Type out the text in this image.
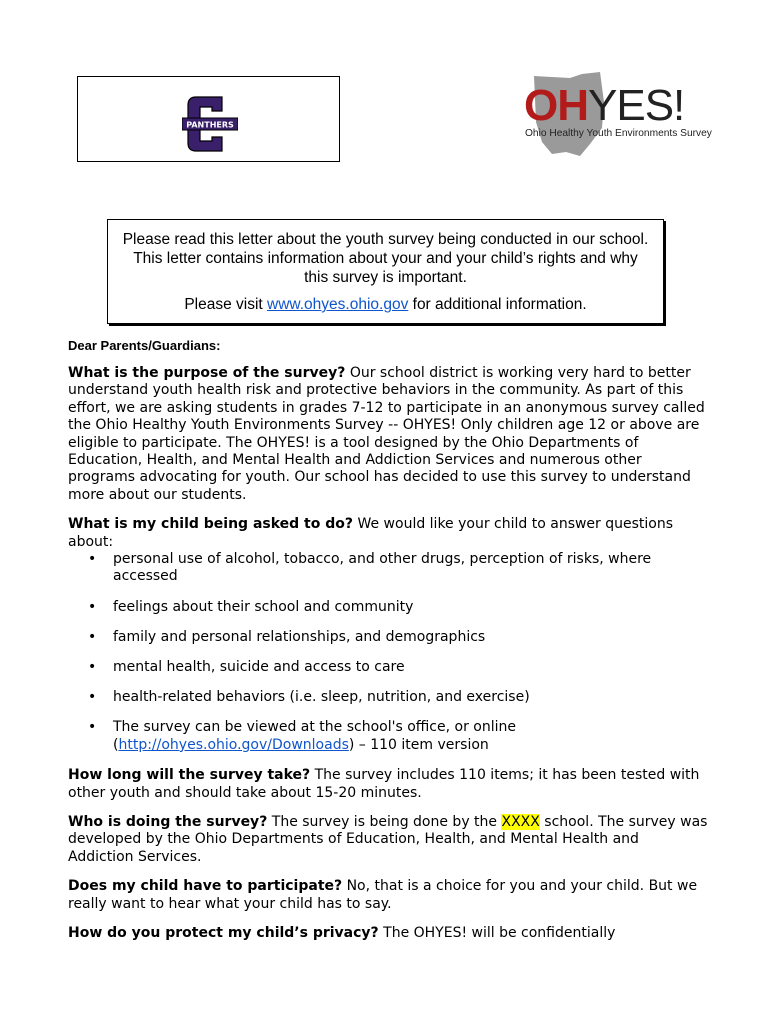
PANTHERS	OHYES!
Ohio Healthy Youth Environments Survey

Please read this letter about the youth survey being conducted in our school. This letter contains information about your and your child’s rights and why this survey is important.

Please visit www.ohyes.ohio.gov for additional information.

Dear Parents/Guardians:

What is the purpose of the survey? Our school district is working very hard to better understand youth health risk and protective behaviors in the community. As part of this effort, we are asking students in grades 7-12 to participate in an anonymous survey called the Ohio Healthy Youth Environments Survey -- OHYES! Only children age 12 or above are eligible to participate. The OHYES! is a tool designed by the Ohio Departments of Education, Health, and Mental Health and Addiction Services and numerous other programs advocating for youth. Our school has decided to use this survey to understand more about our students.

What is my child being asked to do? We would like your child to answer questions about:

• personal use of alcohol, tobacco, and other drugs, perception of risks, where accessed
• feelings about their school and community
• family and personal relationships, and demographics
• mental health, suicide and access to care
• health-related behaviors (i.e. sleep, nutrition, and exercise)
• The survey can be viewed at the school's office, or online (http://ohyes.ohio.gov/Downloads) – 110 item version

How long will the survey take? The survey includes 110 items; it has been tested with other youth and should take about 15-20 minutes.

Who is doing the survey? The survey is being done by the XXXX school. The survey was developed by the Ohio Departments of Education, Health, and Mental Health and Addiction Services.

Does my child have to participate? No, that is a choice for you and your child. But we really want to hear what your child has to say.

How do you protect my child’s privacy? The OHYES! will be confidentially
